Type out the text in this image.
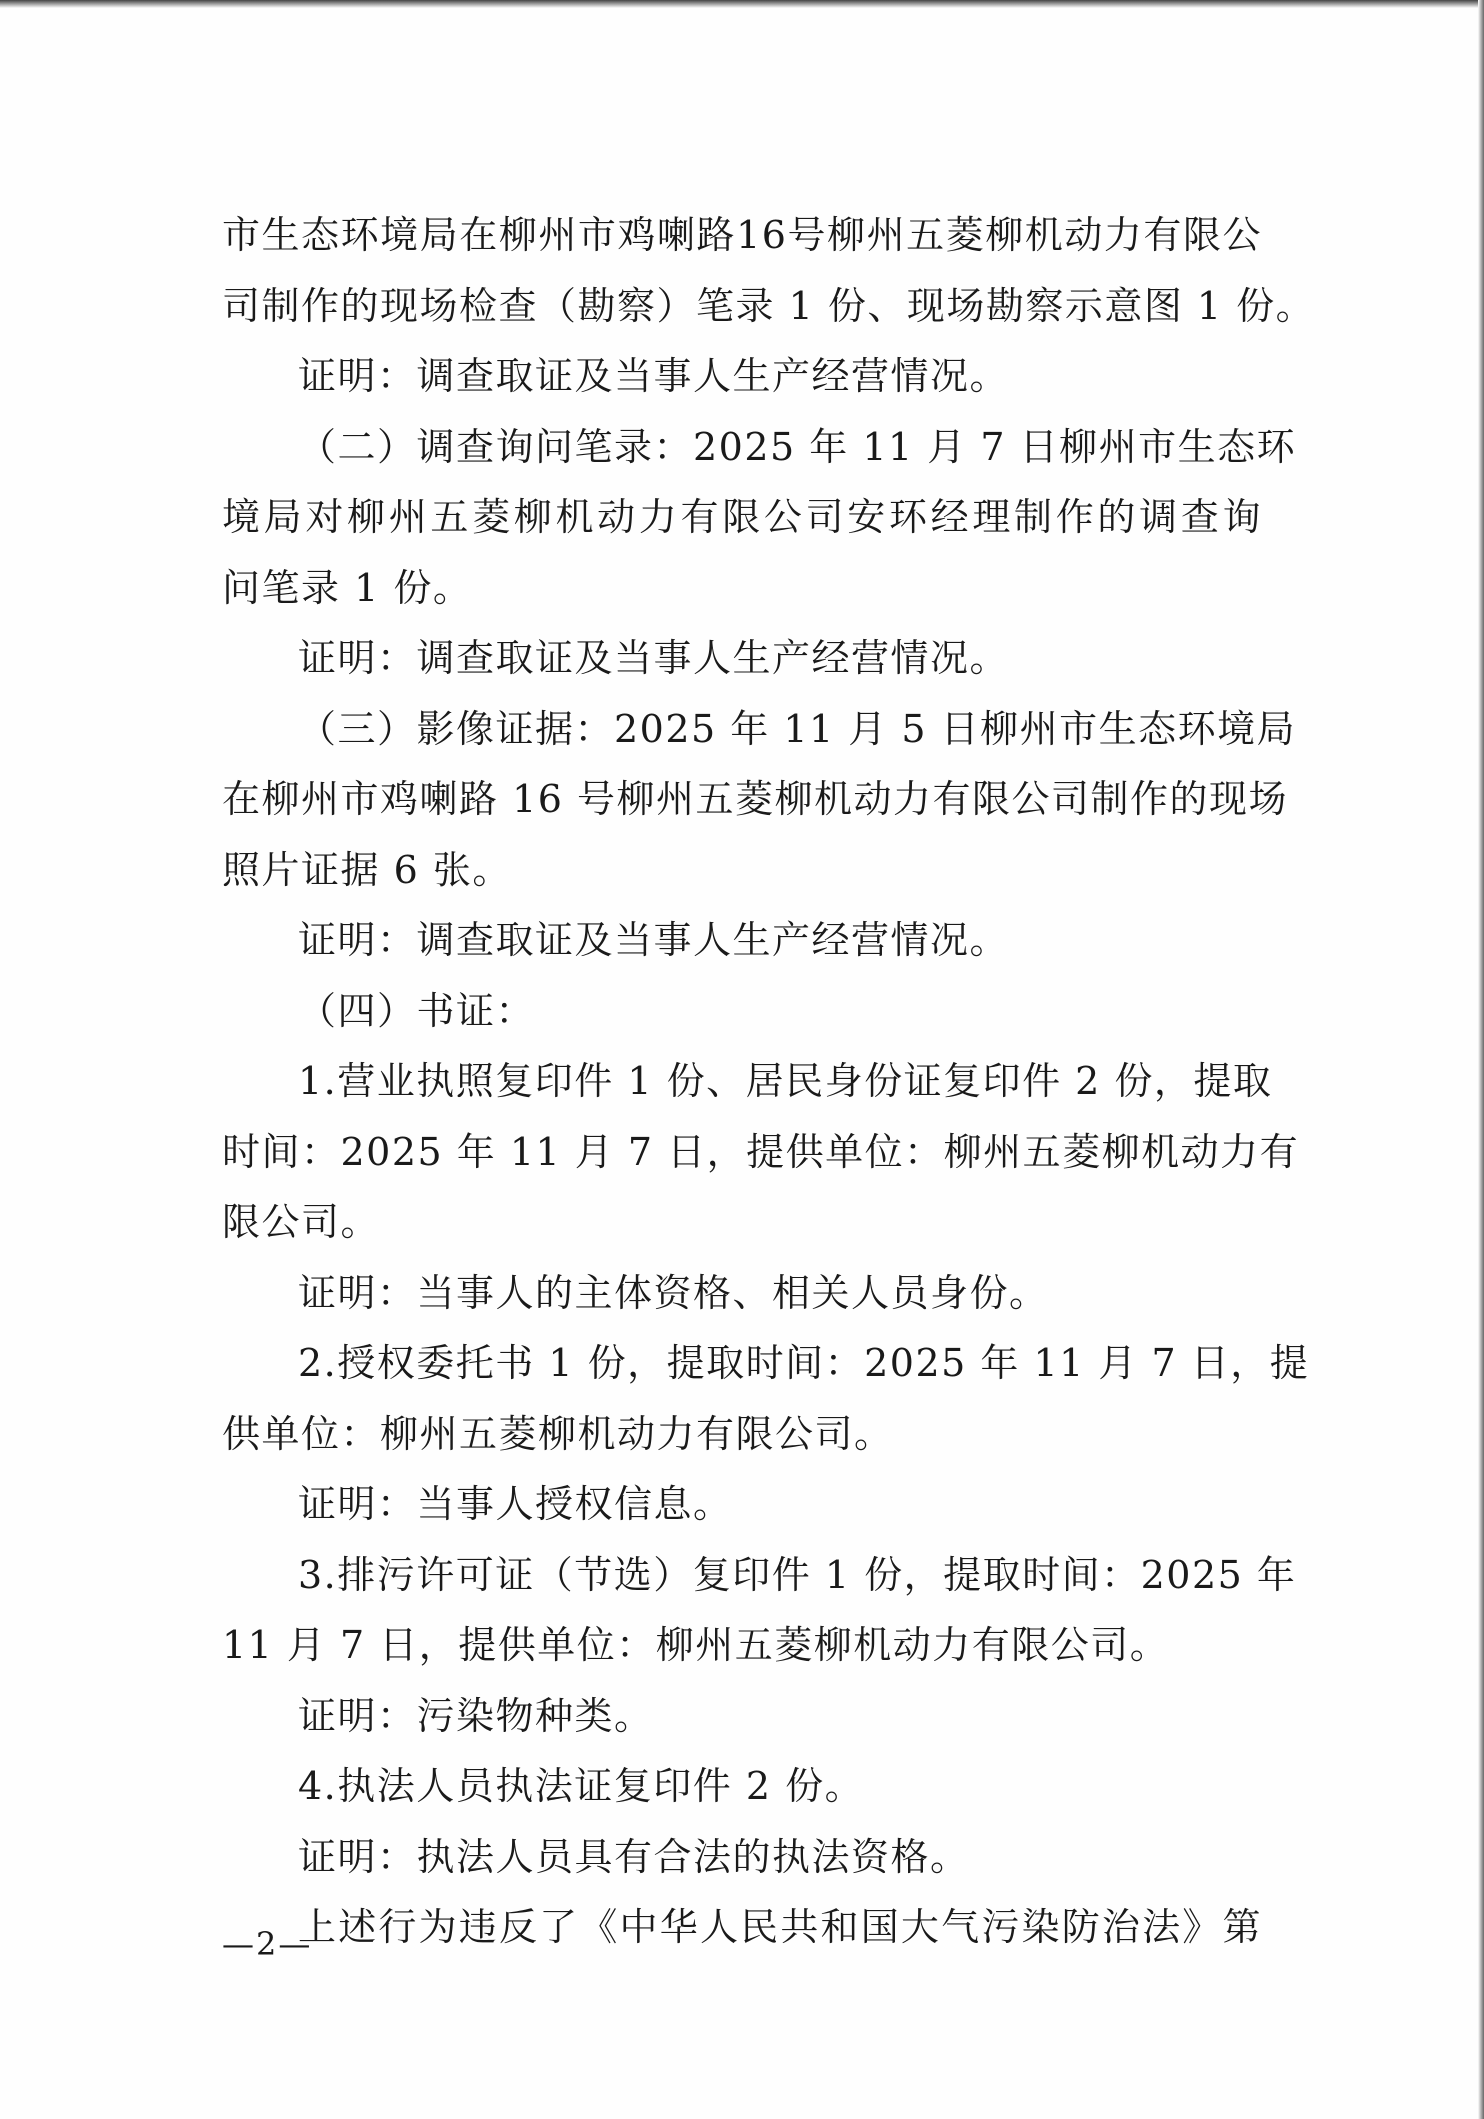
市生态环境局在柳州市鸡喇路16号柳州五菱柳机动力有限公

司制作的现场检查（勘察）笔录 1 份、现场勘察示意图 1 份。

证明：调查取证及当事人生产经营情况。

（二）调查询问笔录：2025 年 11 月 7 日柳州市生态环

境局对柳州五菱柳机动力有限公司安环经理制作的调查询

问笔录 1 份。

证明：调查取证及当事人生产经营情况。

（三）影像证据：2025 年 11 月 5 日柳州市生态环境局

在柳州市鸡喇路 16 号柳州五菱柳机动力有限公司制作的现场

照片证据 6 张。

证明：调查取证及当事人生产经营情况。

（四）书证：

1.营业执照复印件 1 份、居民身份证复印件 2 份，提取

时间：2025 年 11 月 7 日，提供单位：柳州五菱柳机动力有

限公司。

证明：当事人的主体资格、相关人员身份。

2.授权委托书 1 份，提取时间：2025 年 11 月 7 日，提

供单位：柳州五菱柳机动力有限公司。

证明：当事人授权信息。

3.排污许可证（节选）复印件 1 份，提取时间：2025 年

11 月 7 日，提供单位：柳州五菱柳机动力有限公司。

证明：污染物种类。

4.执法人员执法证复印件 2 份。

证明：执法人员具有合法的执法资格。

上述行为违反了《中华人民共和国大气污染防治法》第

—2—
